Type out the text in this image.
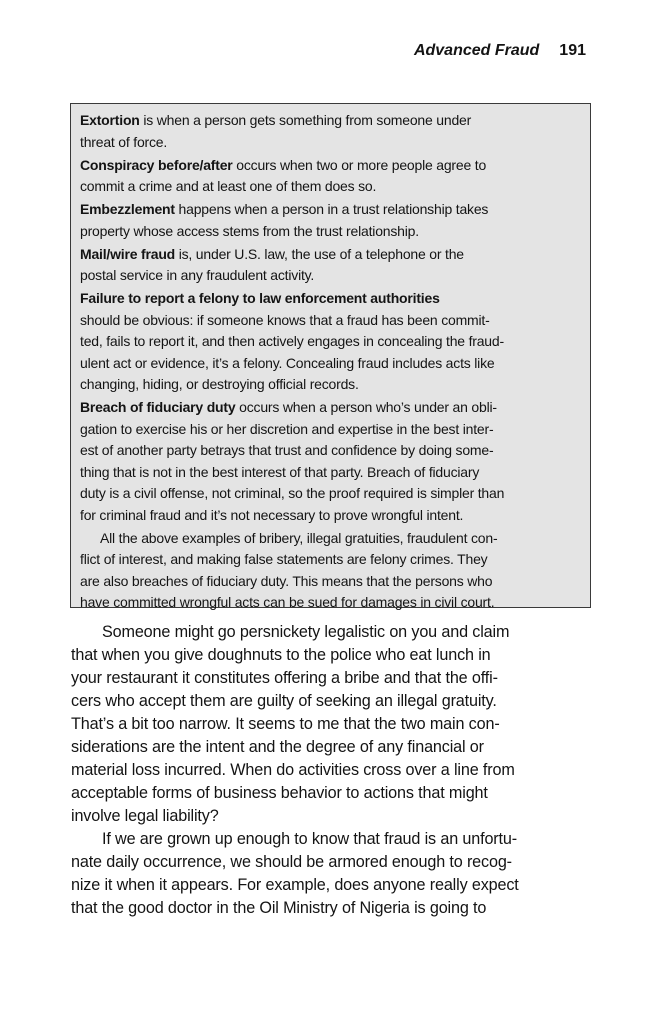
Advanced Fraud 191

Extortion is when a person gets something from someone under
threat of force.

Conspiracy before/after occurs when two or more people agree to
commit a crime and at least one of them does so.

Embezzlement happens when a person in a trust relationship takes
property whose access stems from the trust relationship.

Mail/wire fraud is, under U.S. law, the use of a telephone or the
postal service in any fraudulent activity.

Failure to report a felony to law enforcement authorities
should be obvious: if someone knows that a fraud has been commit-
ted, fails to report it, and then actively engages in concealing the fraud-
ulent act or evidence, it’s a felony. Concealing fraud includes acts like
changing, hiding, or destroying official records.

Breach of fiduciary duty occurs when a person who’s under an obli-
gation to exercise his or her discretion and expertise in the best inter-
est of another party betrays that trust and confidence by doing some-
thing that is not in the best interest of that party. Breach of fiduciary
duty is a civil offense, not criminal, so the proof required is simpler than
for criminal fraud and it’s not necessary to prove wrongful intent.

All the above examples of bribery, illegal gratuities, fraudulent con-
flict of interest, and making false statements are felony crimes. They
are also breaches of fiduciary duty. This means that the persons who
have committed wrongful acts can be sued for damages in civil court.

Someone might go persnickety legalistic on you and claim
that when you give doughnuts to the police who eat lunch in
your restaurant it constitutes offering a bribe and that the offi-
cers who accept them are guilty of seeking an illegal gratuity.
That’s a bit too narrow. It seems to me that the two main con-
siderations are the intent and the degree of any financial or
material loss incurred. When do activities cross over a line from
acceptable forms of business behavior to actions that might
involve legal liability?

If we are grown up enough to know that fraud is an unfortu-
nate daily occurrence, we should be armored enough to recog-
nize it when it appears. For example, does anyone really expect
that the good doctor in the Oil Ministry of Nigeria is going to
